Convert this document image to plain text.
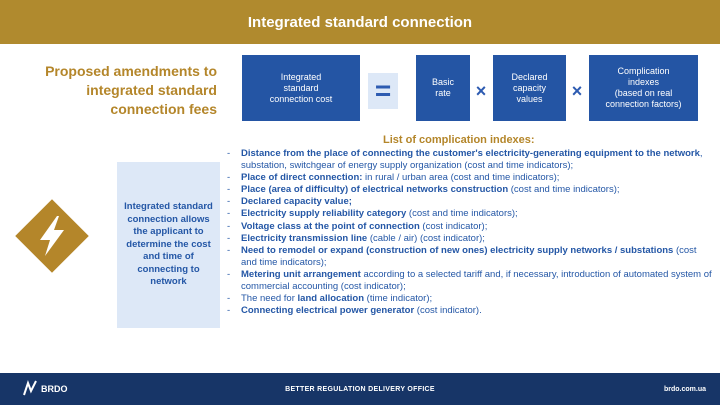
Integrated standard connection
Proposed amendments to integrated standard connection fees
Integrated standard connection cost =	Basic rate	×
Declared capacity values	×
Complication indexes
(based on real connection factors)
List of complication indexes:
Integrated standard connection allows the applicant to determine the cost and time of connecting to network
- Distance from the place of connecting the customer's electricity-generating equipment to the network, substation, switchgear of energy supply organization (cost and time indicators);
- Place of direct connection: in rural / urban area (cost and time indicators);
- Place (area of difficulty) of electrical networks construction (cost and time indicators);
- Declared capacity value;
- Electricity supply reliability category (cost and time indicators);
- Voltage class at the point of connection (cost indicator);
- Electricity transmission line (cable / air) (cost indicator);
- Need to remodel or expand (construction of new ones) electricity supply networks / substations (cost and time indicators);
- Metering unit arrangement according to a selected tariff and, if necessary, introduction of automated system of commercial accounting (cost indicator);
- The need for land allocation (time indicator);
- Connecting electrical power generator (cost indicator).
BETTER REGULATION DELIVERY OFFICE
BRDO	brdo.com.ua
